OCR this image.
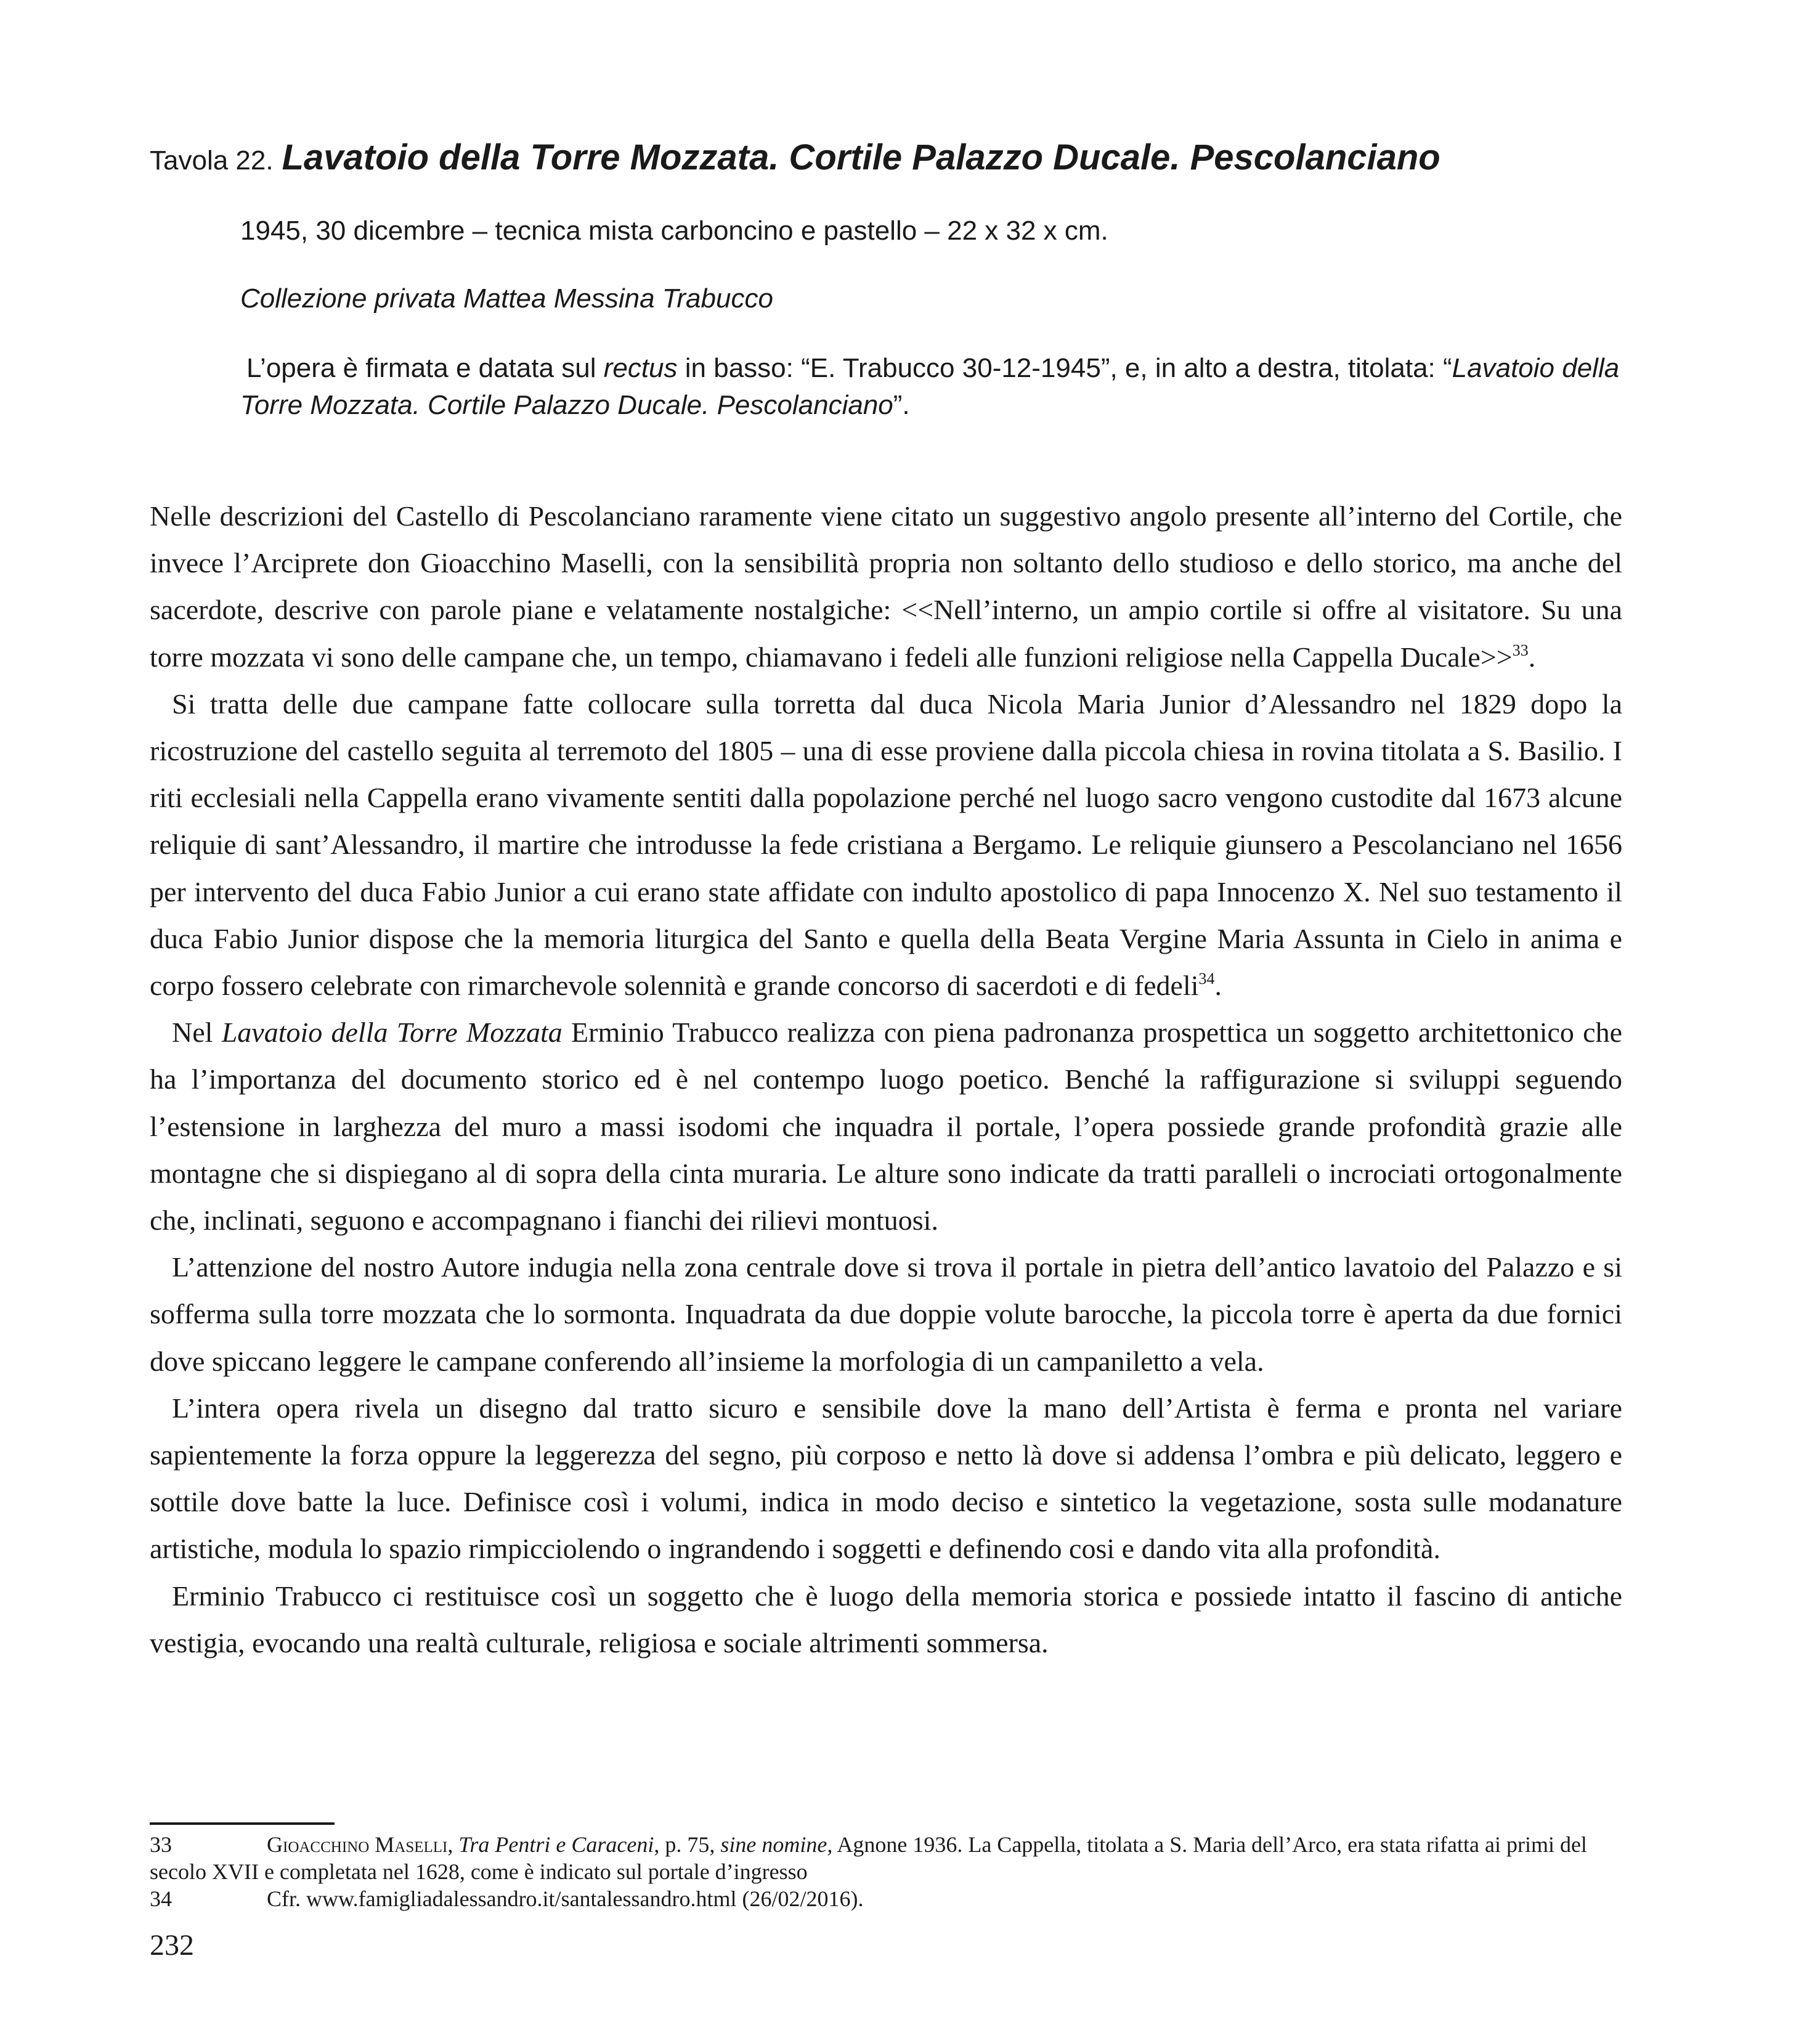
Tavola 22. Lavatoio della Torre Mozzata. Cortile Palazzo Ducale. Pescolanciano
1945, 30 dicembre – tecnica mista carboncino e pastello – 22 x 32 x cm.
Collezione privata Mattea Messina Trabucco

L’opera è firmata e datata sul rectus in basso: “E. Trabucco 30-12-1945”, e, in alto a destra, titolata: “Lavatoio della Torre Mozzata. Cortile Palazzo Ducale. Pescolanciano”.

Nelle descrizioni del Castello di Pescolanciano raramente viene citato un suggestivo angolo presente all’interno del Cortile, che invece l’Arciprete don Gioacchino Maselli, con la sensibilità propria non soltanto dello studioso e dello storico, ma anche del sacerdote, descrive con parole piane e velatamente nostalgiche: <<Nell’interno, un ampio cortile si offre al visitatore. Su una torre mozzata vi sono delle campane che, un tempo, chiamavano i fedeli alle funzioni religiose nella Cappella Ducale>>$^{33}$.

Si tratta delle due campane fatte collocare sulla torretta dal duca Nicola Maria Junior d’Alessandro nel 1829 dopo la ricostruzione del castello seguita al terremoto del 1805 – una di esse proviene dalla piccola chiesa in rovina titolata a S. Basilio. I riti ecclesiali nella Cappella erano vivamente sentiti dalla popolazione perché nel luogo sacro vengono custodite dal 1673 alcune reliquie di sant’Alessandro, il martire che introdusse la fede cristiana a Bergamo. Le reliquie giunsero a Pescolanciano nel 1656 per intervento del duca Fabio Junior a cui erano state affidate con indulto apostolico di papa Innocenzo X. Nel suo testamento il duca Fabio Junior dispose che la memoria liturgica del Santo e quella della Beata Vergine Maria Assunta in Cielo in anima e corpo fossero celebrate con rimarchevole solennità e grande concorso di sacerdoti e di fedeli$^{34}$.

Nel Lavatoio della Torre Mozzata Erminio Trabucco realizza con piena padronanza prospettica un soggetto architettonico che ha l’importanza del documento storico ed è nel contempo luogo poetico. Benché la raffigurazione si sviluppi seguendo l’estensione in larghezza del muro a massi isodomi che inquadra il portale, l’opera possiede grande profondità grazie alle montagne che si dispiegano al di sopra della cinta muraria. Le alture sono indicate da tratti paralleli o incrociati ortogonalmente che, inclinati, seguono e accompagnano i fianchi dei rilievi montuosi.

L’attenzione del nostro Autore indugia nella zona centrale dove si trova il portale in pietra dell’antico lavatoio del Palazzo e si sofferma sulla torre mozzata che lo sormonta. Inquadrata da due doppie volute barocche, la piccola torre è aperta da due fornici dove spiccano leggere le campane conferendo all’insieme la morfologia di un campaniletto a vela.

L’intera opera rivela un disegno dal tratto sicuro e sensibile dove la mano dell’Artista è ferma e pronta nel variare sapientemente la forza oppure la leggerezza del segno, più corposo e netto là dove si addensa l’ombra e più delicato, leggero e sottile dove batte la luce. Definisce così i volumi, indica in modo deciso e sintetico la vegetazione, sosta sulle modanature artistiche, modula lo spazio rimpicciolendo o ingrandendo i soggetti e definendo cosi e dando vita alla profondità.

Erminio Trabucco ci restituisce così un soggetto che è luogo della memoria storica e possiede intatto il fascino di antiche vestigia, evocando una realtà culturale, religiosa e sociale altrimenti sommersa.

33	Gioacchino Maselli, Tra Pentri e Caraceni, p. 75, sine nomine, Agnone 1936. La Cappella, titolata a S. Maria dell’Arco, era stata rifatta ai primi del secolo XVII e completata nel 1628, come è indicato sul portale d’ingresso

34	Cfr. www.famigliadalessandro.it/santalessandro.html (26/02/2016).

232
